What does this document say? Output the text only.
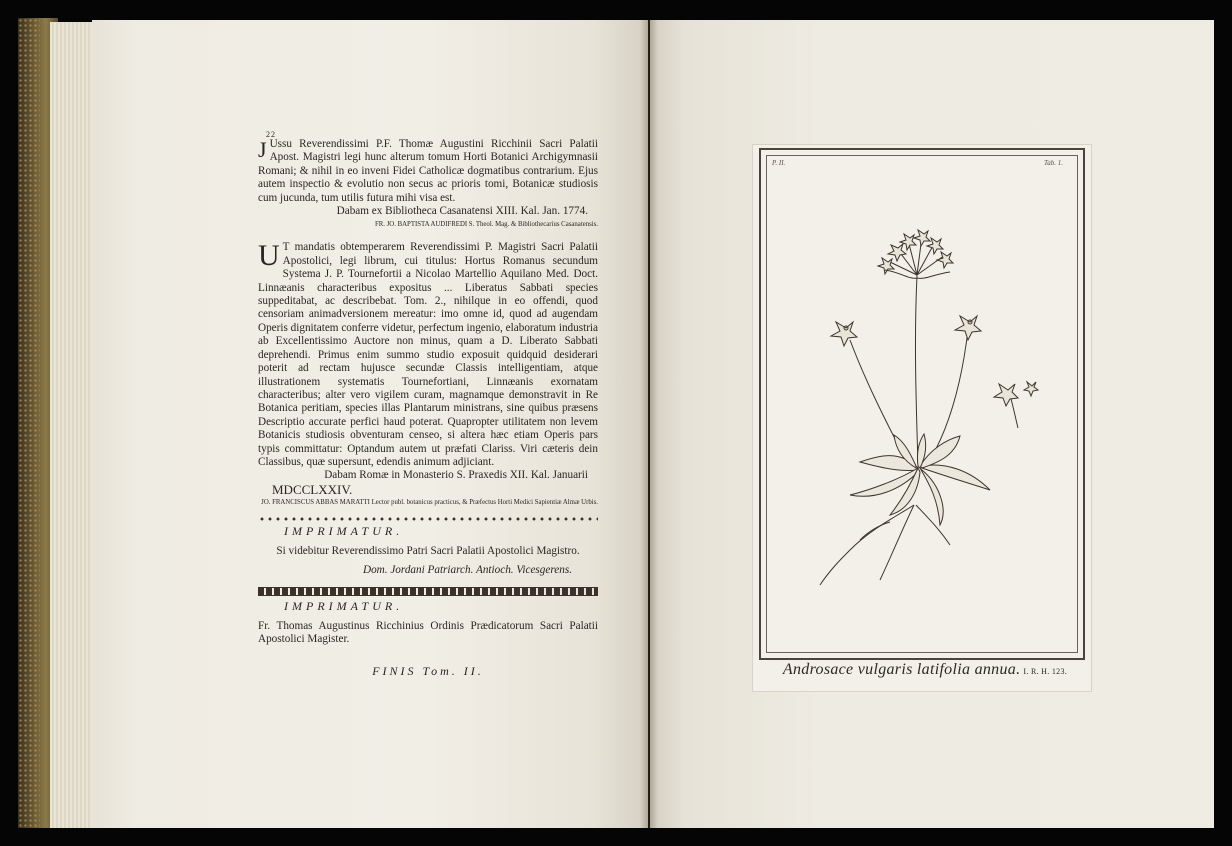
22

J Ussu Reverendissimi P.F. Thomæ Augustini Ricchinii Sacri Palatii Apost. Magistri legi hunc alterum tomum Horti Botanici Archigymnasii Romani; & nihil in eo inveni Fidei Catholicæ dogmatibus contrarium. Ejus autem inspectio & evolutio non secus ac prioris tomi, Botanicæ studiosis cum jucunda, tum utilis futura mihi visa est.

Dabam ex Bibliotheca Casanatensi XIII. Kal. Jan. 1774.

FR. JO. BAPTISTA AUDIFREDI S. Theol. Mag. & Bibliothecarius Casanatensis.

U T mandatis obtemperarem Reverendissimi P. Magistri Sacri Palatii Apostolici, legi librum, cui titulus: Hortus Romanus secundum Systema J. P. Tournefortii a Nicolao Martellio Aquilano Med. Doct. Linnæanis characteribus expositus ... Liberatus Sabbati species suppeditabat, ac describebat. Tom. 2., nihilque in eo offendi, quod censoriam animadversionem mereatur: imo omne id, quod ad augendam Operis dignitatem conferre videtur, perfectum ingenio, elaboratum industria ab Excellentissimo Auctore non minus, quam a D. Liberato Sabbati deprehendi. Primus enim summo studio exposuit quidquid desiderari poterit ad rectam hujusce secundæ Classis intelligentiam, atque illustrationem systematis Tournefortiani, Linnæanis exornatam characteribus; alter vero vigilem curam, magnamque demonstravit in Re Botanica peritiam, species illas Plantarum ministrans, sine quibus præsens Descriptio accurate perfici haud poterat. Quapropter utilitatem non levem Botanicis studiosis obventuram censeo, si altera hæc etiam Operis pars typis committatur: Optandum autem ut præfati Clariss. Viri cæteris dein Classibus, quæ supersunt, edendis animum adjiciant.

Dabam Romæ in Monasterio S. Praxedis XII. Kal. Januarii

MDCCLXXIV.

JO. FRANCISCUS ABBAS MARATTI Lector publ. botanicus practicus, & Præfectus Horti Medici Sapientiæ Almæ Urbis.

IMPRIMATUR.

Si videbitur Reverendissimo Patri Sacri Palatii Apostolici Magistro.

Dom. Jordani Patriarch. Antioch. Vicesgerens.

IMPRIMATUR.

Fr. Thomas Augustinus Ricchinius Ordinis Prædicatorum Sacri Palatii Apostolici Magister.

FINIS Tom. II.

P. II.	Tab. 1.
Androsace vulgaris latifolia annua. I. R. H. 123.
